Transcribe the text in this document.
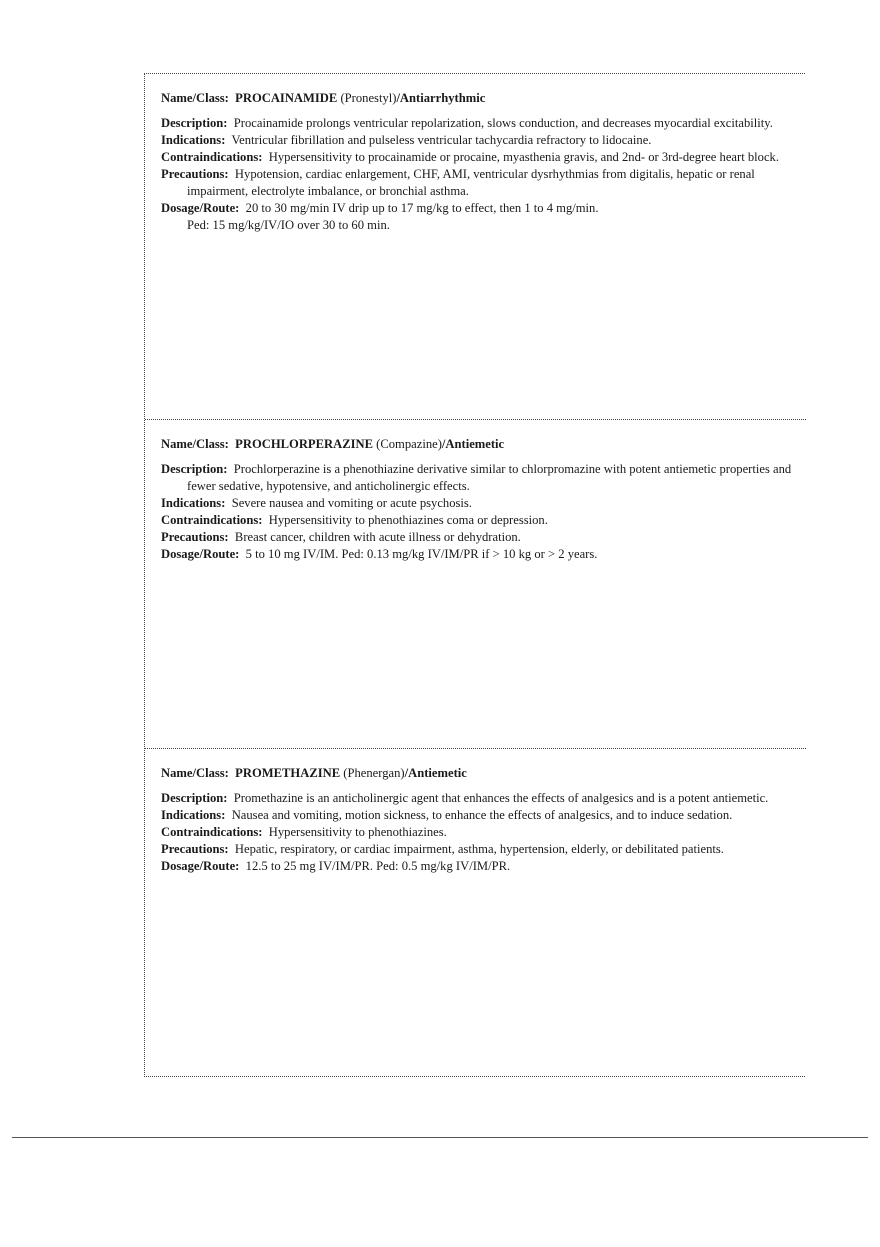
Name/Class: PROCAINAMIDE (Pronestyl)/Antiarrhythmic

Description: Procainamide prolongs ventricular repolarization, slows conduction, and decreases myocardial excitability.

Indications: Ventricular fibrillation and pulseless ventricular tachycardia refractory to lidocaine.

Contraindications: Hypersensitivity to procainamide or procaine, myasthenia gravis, and 2nd- or 3rd-degree heart block.

Precautions: Hypotension, cardiac enlargement, CHF, AMI, ventricular dysrhythmias from digitalis, hepatic or renal impairment, electrolyte imbalance, or bronchial asthma.

Dosage/Route: 20 to 30 mg/min IV drip up to 17 mg/kg to effect, then 1 to 4 mg/min.

Ped: 15 mg/kg/IV/IO over 30 to 60 min.

Name/Class: PROCHLORPERAZINE (Compazine)/Antiemetic

Description: Prochlorperazine is a phenothiazine derivative similar to chlorpromazine with potent antiemetic properties and fewer sedative, hypotensive, and anticholinergic effects.

Indications: Severe nausea and vomiting or acute psychosis.

Contraindications: Hypersensitivity to phenothiazines coma or depression.

Precautions: Breast cancer, children with acute illness or dehydration.

Dosage/Route: 5 to 10 mg IV/IM. Ped: 0.13 mg/kg IV/IM/PR if > 10 kg or > 2 years.

Name/Class: PROMETHAZINE (Phenergan)/Antiemetic

Description: Promethazine is an anticholinergic agent that enhances the effects of analgesics and is a potent antiemetic.

Indications: Nausea and vomiting, motion sickness, to enhance the effects of analgesics, and to induce sedation.

Contraindications: Hypersensitivity to phenothiazines.

Precautions: Hepatic, respiratory, or cardiac impairment, asthma, hypertension, elderly, or debilitated patients.

Dosage/Route: 12.5 to 25 mg IV/IM/PR. Ped: 0.5 mg/kg IV/IM/PR.
